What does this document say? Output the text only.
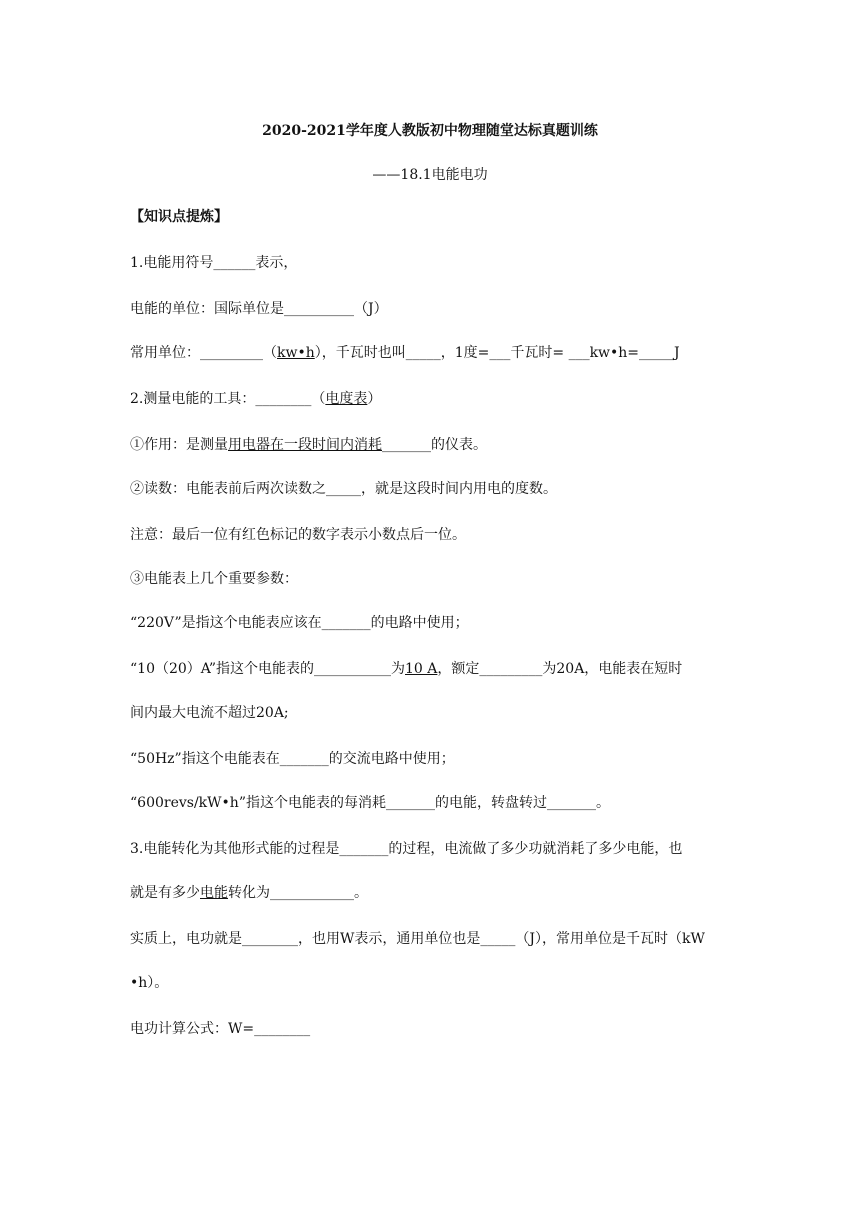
2020-2021学年度人教版初中物理随堂达标真题训练
——18.1电能电功
【知识点提炼】
1.电能用符号______表示，
电能的单位：国际单位是__________（J）
常用单位：_________（kw•h），千瓦时也叫_____，1度=___千瓦时= ___kw•h=_____J
2.测量电能的工具：________（电度表）
①作用：是测量用电器在一段时间内消耗_______的仪表。
②读数：电能表前后两次读数之_____，就是这段时间内用电的度数。
注意：最后一位有红色标记的数字表示小数点后一位。
③电能表上几个重要参数：
“220V”是指这个电能表应该在_______的电路中使用；
“10（20）A”指这个电能表的___________为10 A，额定_________为20A，电能表在短时
间内最大电流不超过20A;
“50Hz”指这个电能表在_______的交流电路中使用；
“600revs/kW•h”指这个电能表的每消耗_______的电能，转盘转过_______。
3.电能转化为其他形式能的过程是_______的过程，电流做了多少功就消耗了多少电能，也
就是有多少电能转化为____________。
实质上，电功就是________，也用W表示，通用单位也是_____（J），常用单位是千瓦时（kW
•h）。
电功计算公式：W=________
